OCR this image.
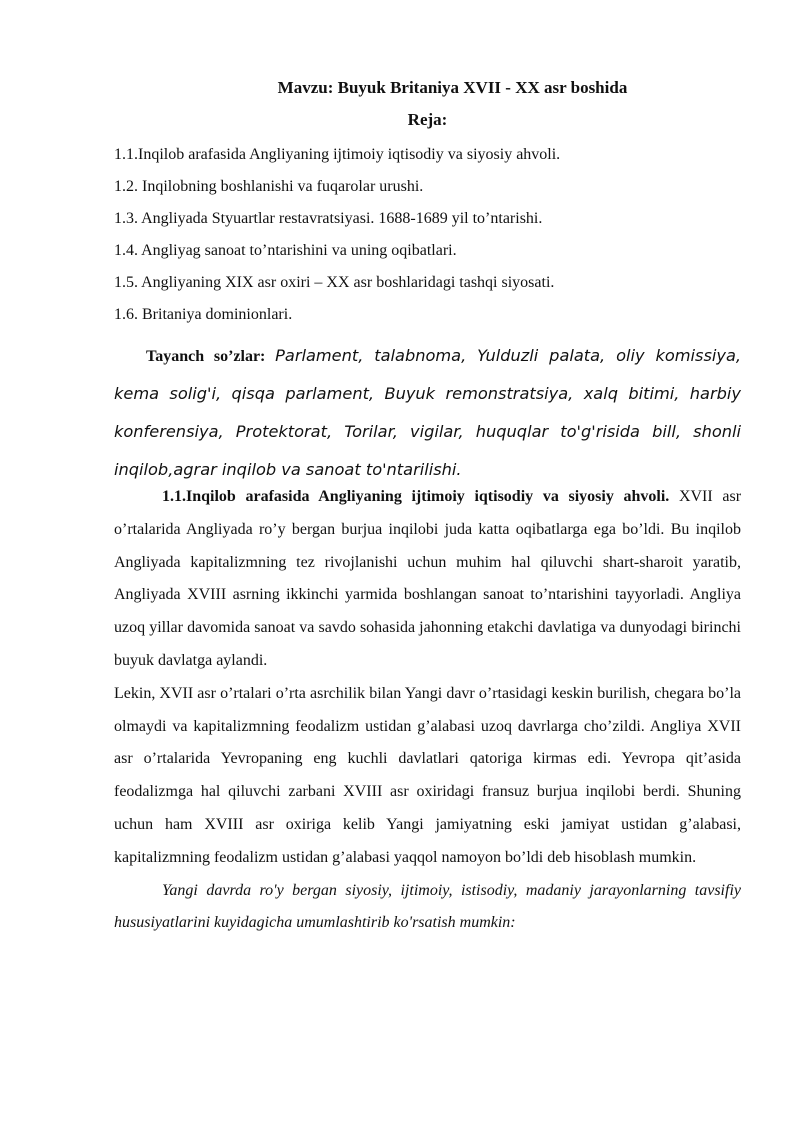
Mavzu: Buyuk Britaniya XVII - XX asr boshida
Reja:
1.1.Inqilob arafasida Angliyaning ijtimoiy iqtisodiy va siyosiy ahvoli.
1.2. Inqilobning boshlanishi va fuqarolar urushi.
1.3. Angliyada Styuartlar restavratsiyasi. 1688-1689 yil to’ntarishi.
1.4. Angliyag sanoat to’ntarishini va uning oqibatlari.
1.5. Angliyaning XIX asr oxiri – XX asr boshlaridagi tashqi siyosati.
1.6. Britaniya dominionlari.
Tayanch so’zlar: Parlament, talabnoma, Yulduzli palata, oliy komissiya, kema solig'i, qisqa parlament, Buyuk remonstratsiya, xalq bitimi, harbiy konferensiya, Protektorat, Torilar, vigilar, huquqlar to'g'risida bill, shonli inqilob,agrar inqilob va sanoat to'ntarilishi.

1.1.Inqilob arafasida Angliyaning ijtimoiy iqtisodiy va siyosiy ahvoli. XVII asr o’rtalarida Angliyada ro’y bergan burjua inqilobi juda katta oqibatlarga ega bo’ldi. Bu inqilob Angliyada kapitalizmning tez rivojlanishi uchun muhim hal qiluvchi shart-sharoit yaratib, Angliyada XVIII asrning ikkinchi yarmida boshlangan sanoat to’ntarishini tayyorladi. Angliya uzoq yillar davomida sanoat va savdo sohasida jahonning etakchi davlatiga va dunyodagi birinchi buyuk davlatga aylandi.

Lekin, XVII asr o’rtalari o’rta asrchilik bilan Yangi davr o’rtasidagi keskin burilish, chegara bo’la olmaydi va kapitalizmning feodalizm ustidan g’alabasi uzoq davrlarga cho’zildi. Angliya XVII asr o’rtalarida Yevropaning eng kuchli davlatlari qatoriga kirmas edi. Yevropa qit’asida feodalizmga hal qiluvchi zarbani XVIII asr oxiridagi fransuz burjua inqilobi berdi. Shuning uchun ham XVIII asr oxiriga kelib Yangi jamiyatning eski jamiyat ustidan g’alabasi, kapitalizmning feodalizm ustidan g’alabasi yaqqol namoyon bo’ldi deb hisoblash mumkin.

Yangi davrda ro'y bergan siyosiy, ijtimoiy, istisodiy, madaniy jarayonlarning tavsifiy hususiyatlarini kuyidagicha umumlashtirib ko'rsatish mumkin:
